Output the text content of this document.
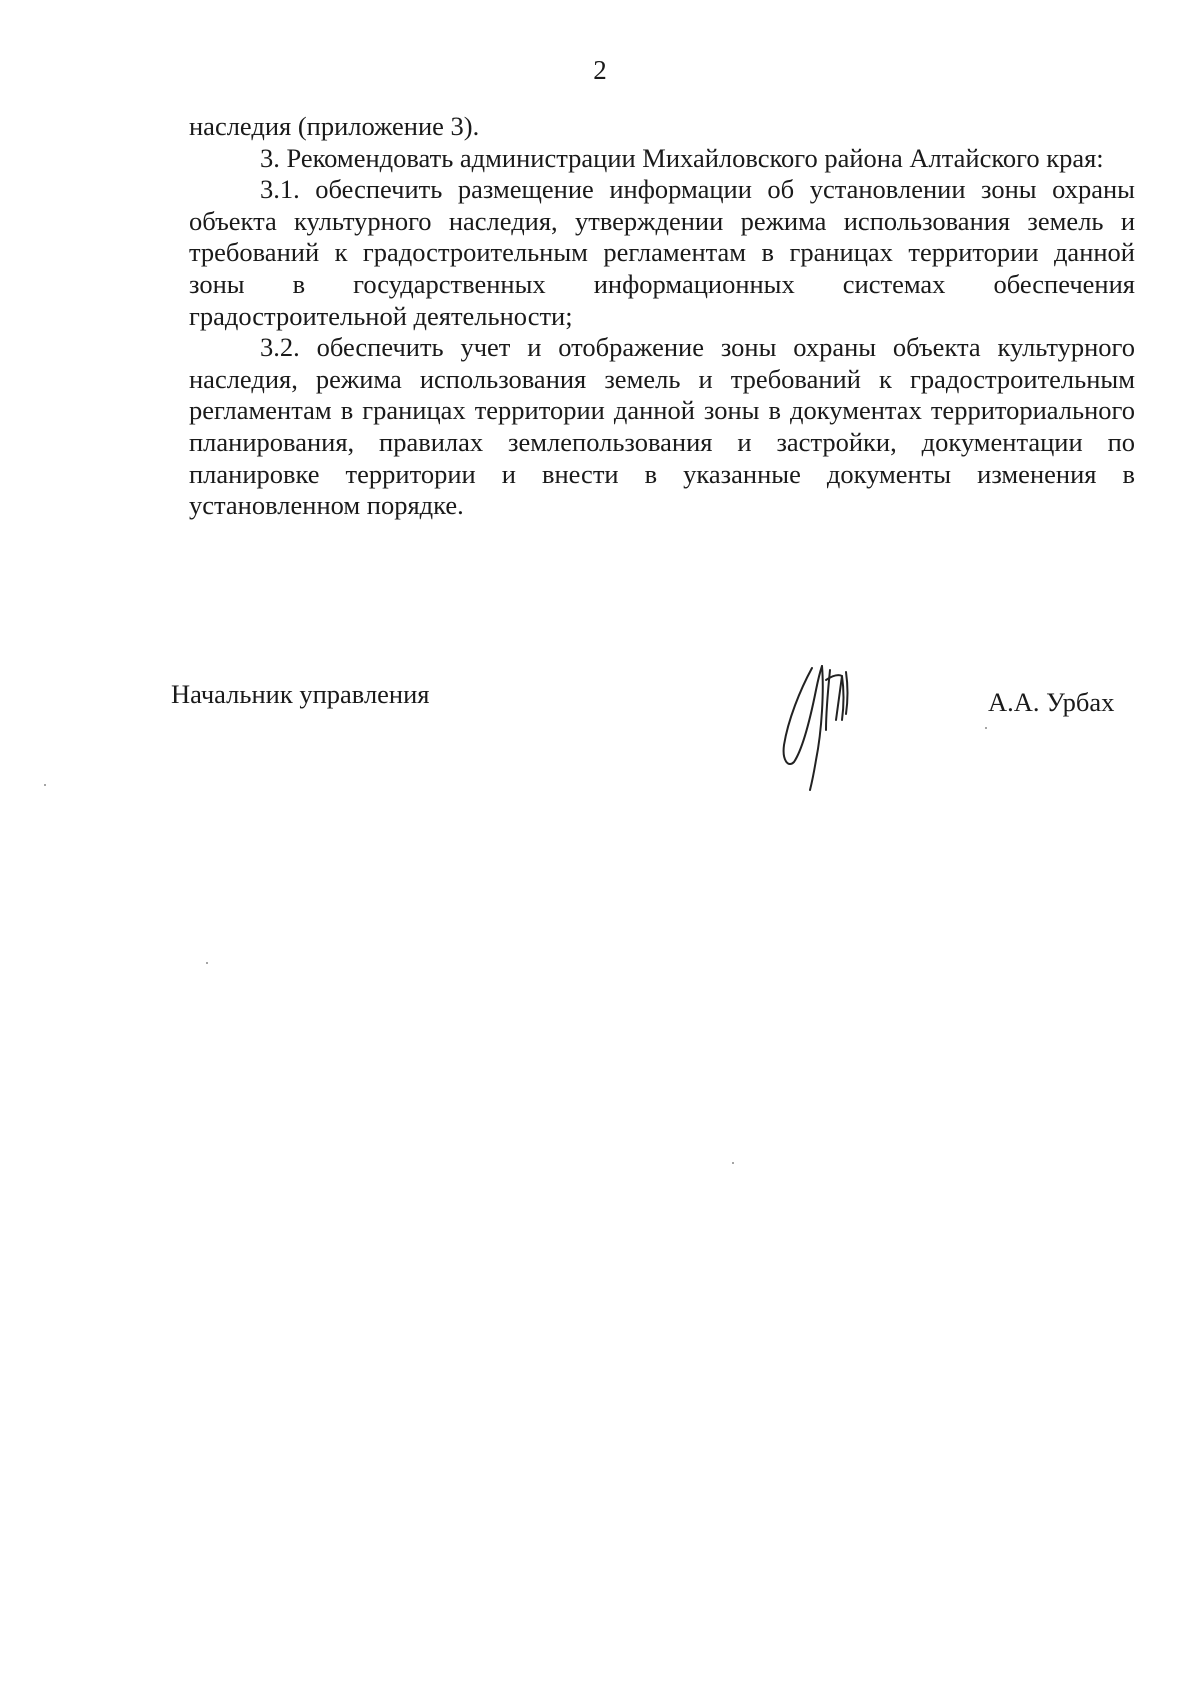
2

наследия (приложение 3).

3. Рекомендовать администрации Михайловского района Алтайского края:

3.1. обеспечить размещение информации об установлении зоны охраны объекта культурного наследия, утверждении режима использования земель и требований к градостроительным регламентам в границах территории данной зоны в государственных информационных системах обеспечения градостроительной деятельности;

3.2. обеспечить учет и отображение зоны охраны объекта культурного наследия, режима использования земель и требований к градостроительным регламентам в границах территории данной зоны в документах территориального планирования, правилах землепользования и застройки, документации по планировке территории и внести в указанные документы изменения в установленном порядке.

Начальник управления	А.А. Урбах
